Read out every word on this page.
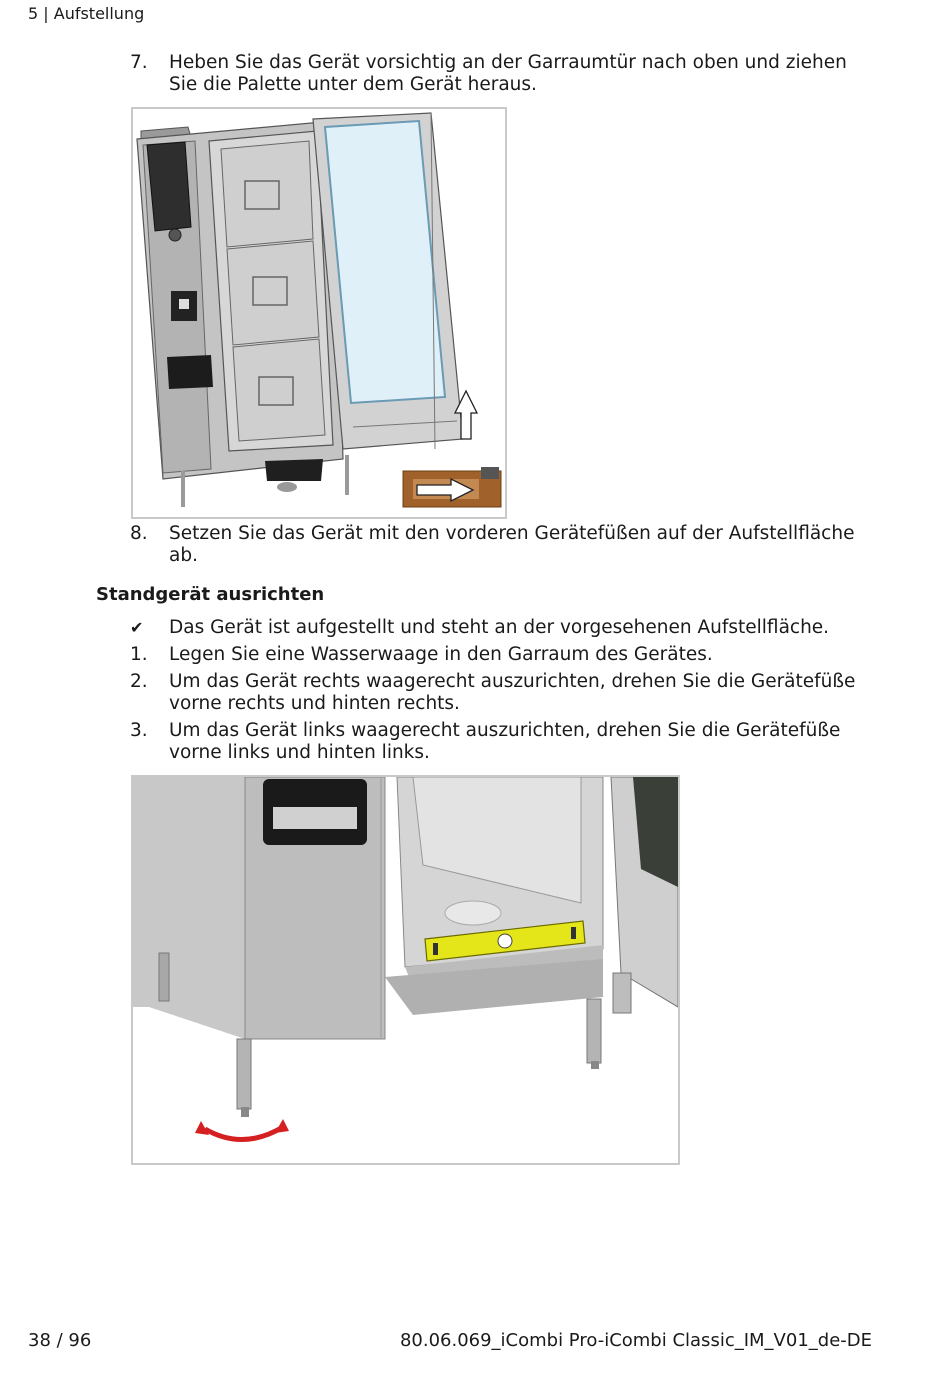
5 | Aufstellung
7.	Heben Sie das Gerät vorsichtig an der Garraumtür nach oben und ziehen Sie die Palette unter dem Gerät heraus.
8.	Setzen Sie das Gerät mit den vorderen Gerätefüßen auf der Aufstellfläche ab.
Standgerät ausrichten
✔	Das Gerät ist aufgestellt und steht an der vorgesehenen Aufstellfläche.
1.	Legen Sie eine Wasserwaage in den Garraum des Gerätes.
2.	Um das Gerät rechts waagerecht auszurichten, drehen Sie die Gerätefüße vorne rechts und hinten rechts.
3.	Um das Gerät links waagerecht auszurichten, drehen Sie die Gerätefüße vorne links und hinten links.
38 / 96	80.06.069_iCombi Pro-iCombi Classic_IM_V01_de-DE
